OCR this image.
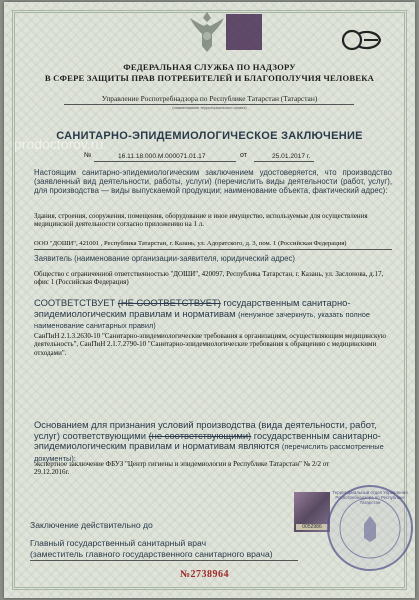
ФЕДЕРАЛЬНАЯ СЛУЖБА ПО НАДЗОРУ
В СФЕРЕ ЗАЩИТЫ ПРАВ ПОТРЕБИТЕЛЕЙ И БЛАГОПОЛУЧИЯ ЧЕЛОВЕКА
Управление Роспотребнадзора по Республике Татарстан (Татарстан)
(наименование территориального органа)
prodoctorov.ru
САНИТАРНО-ЭПИДЕМИОЛОГИЧЕСКОЕ ЗАКЛЮЧЕНИЕ
№	16.11.18.000.М.000071.01.17	от	25.01.2017 г.
Настоящим санитарно-эпидемиологическим заключением удостоверяется, что производство (заявленный вид деятельности, работы, услуги) (перечислить виды деятельности (работ, услуг), для производства — виды выпускаемой продукции; наименование объекта, фактический адрес):
Здания, строения, сооружения, помещения, оборудование и иное имущество, используемые для осуществления медицинской деятельности согласно приложению на 1 л.
ООО "ДОШИ", 421001 , Республика Татарстан, г. Казань, ул. Адоратского, д. 3, пом. 1 (Российская Федерация)
Заявитель (наименование организации-заявителя, юридический адрес)
Общество с ограниченной ответственностью "ДОШИ", 420097, Республика Татарстан, г. Казань, ул. Заслонова, д.17, офис 1 (Российская Федерация)
СООТВЕТСТВУЕТ (НЕ СООТВЕТСТВУЕТ) государственным санитарно-эпидемиологическим правилам и нормативам (ненужное зачеркнуть, указать полное наименование санитарных правил)
СанПиН 2.1.3.2630-10 "Санитарно-эпидемиологические требования к организациям, осуществляющим медицинскую деятельность", СанПиН 2.1.7.2790-10 "Санитарно-эпидемиологические требования к обращению с медицинскими отходами".
Основанием для признания условий производства (вида деятельности, работ, услуг) соответствующими (не соответствующими) государственным санитарно-эпидемиологическим правилам и нормативам являются (перечислить рассмотренные документы):
экспертное заключение ФБУЗ "Центр гигиены и эпидемиологии в Республике Татарстан" № 2/2 от 29.12.2016г.
0052986
Территориальный отдел Управления Роспотребнадзора по Республике Татарстан
Заключение действительно до
Главный государственный санитарный врач
(заместитель главного государственного санитарного врача)
№2738964
